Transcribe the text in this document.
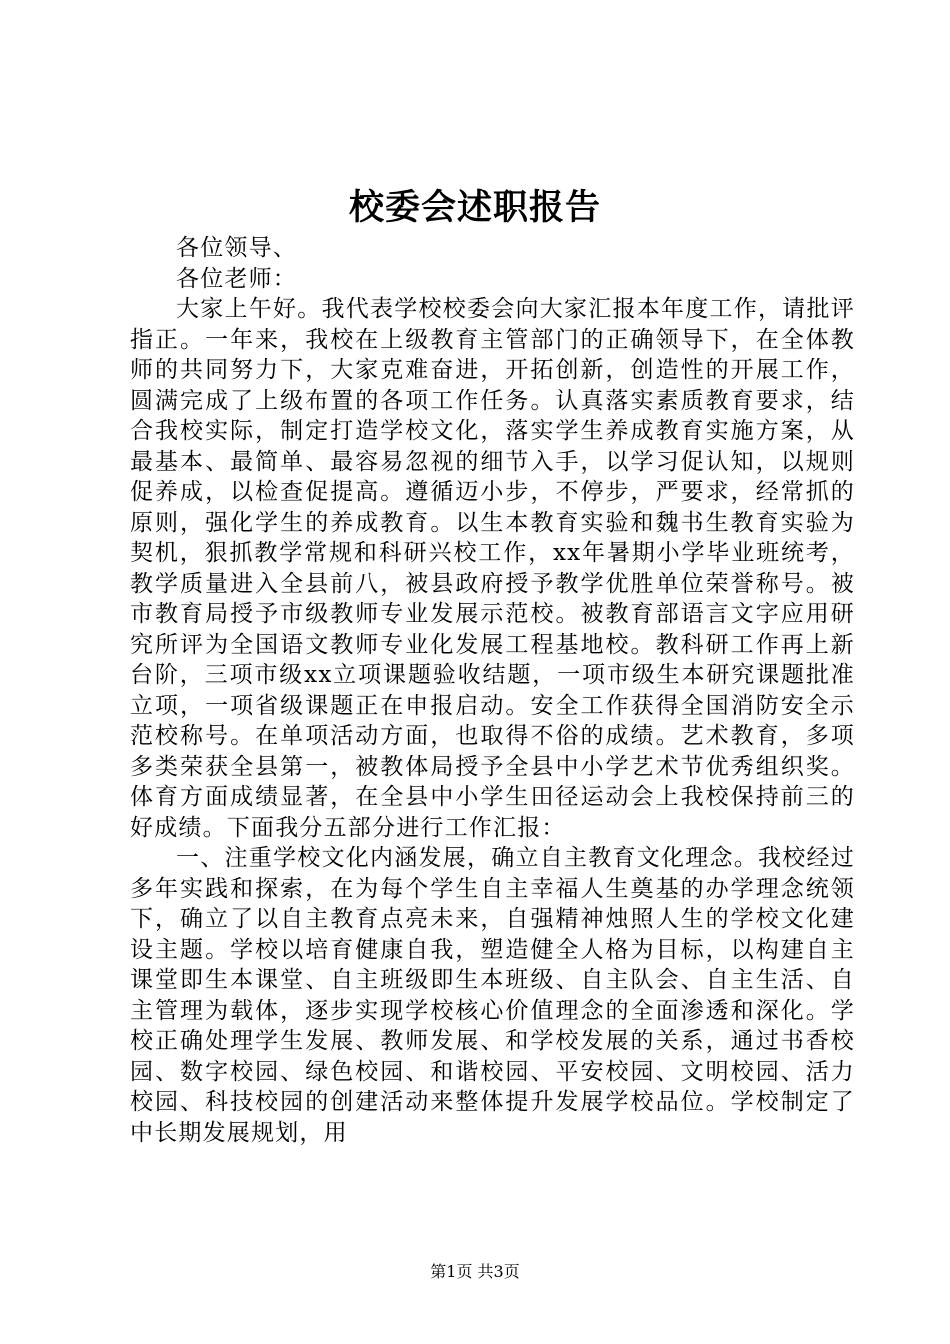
校委会述职报告

各位领导、

各位老师：

大家上午好。我代表学校校委会向大家汇报本年度工作，请批评指正。一年来，我校在上级教育主管部门的正确领导下，在全体教师的共同努力下，大家克难奋进，开拓创新，创造性的开展工作，圆满完成了上级布置的各项工作任务。认真落实素质教育要求，结合我校实际，制定打造学校文化，落实学生养成教育实施方案，从最基本、最简单、最容易忽视的细节入手，以学习促认知，以规则促养成，以检查促提高。遵循迈小步，不停步，严要求，经常抓的原则，强化学生的养成教育。以生本教育实验和魏书生教育实验为契机，狠抓教学常规和科研兴校工作，xx年暑期小学毕业班统考，教学质量进入全县前八，被县政府授予教学优胜单位荣誉称号。被市教育局授予市级教师专业发展示范校。被教育部语言文字应用研究所评为全国语文教师专业化发展工程基地校。教科研工作再上新台阶，三项市级xx立项课题验收结题，一项市级生本研究课题批准立项，一项省级课题正在申报启动。安全工作获得全国消防安全示范校称号。在单项活动方面，也取得不俗的成绩。艺术教育，多项多类荣获全县第一，被教体局授予全县中小学艺术节优秀组织奖。体育方面成绩显著，在全县中小学生田径运动会上我校保持前三的好成绩。下面我分五部分进行工作汇报：

一、注重学校文化内涵发展，确立自主教育文化理念。我校经过多年实践和探索，在为每个学生自主幸福人生奠基的办学理念统领下，确立了以自主教育点亮未来，自强精神烛照人生的学校文化建设主题。学校以培育健康自我，塑造健全人格为目标，以构建自主课堂即生本课堂、自主班级即生本班级、自主队会、自主生活、自主管理为载体，逐步实现学校核心价值理念的全面渗透和深化。学校正确处理学生发展、教师发展、和学校发展的关系，通过书香校园、数字校园、绿色校园、和谐校园、平安校园、文明校园、活力校园、科技校园的创建活动来整体提升发展学校品位。学校制定了中长期发展规划，用

第1页 共3页
